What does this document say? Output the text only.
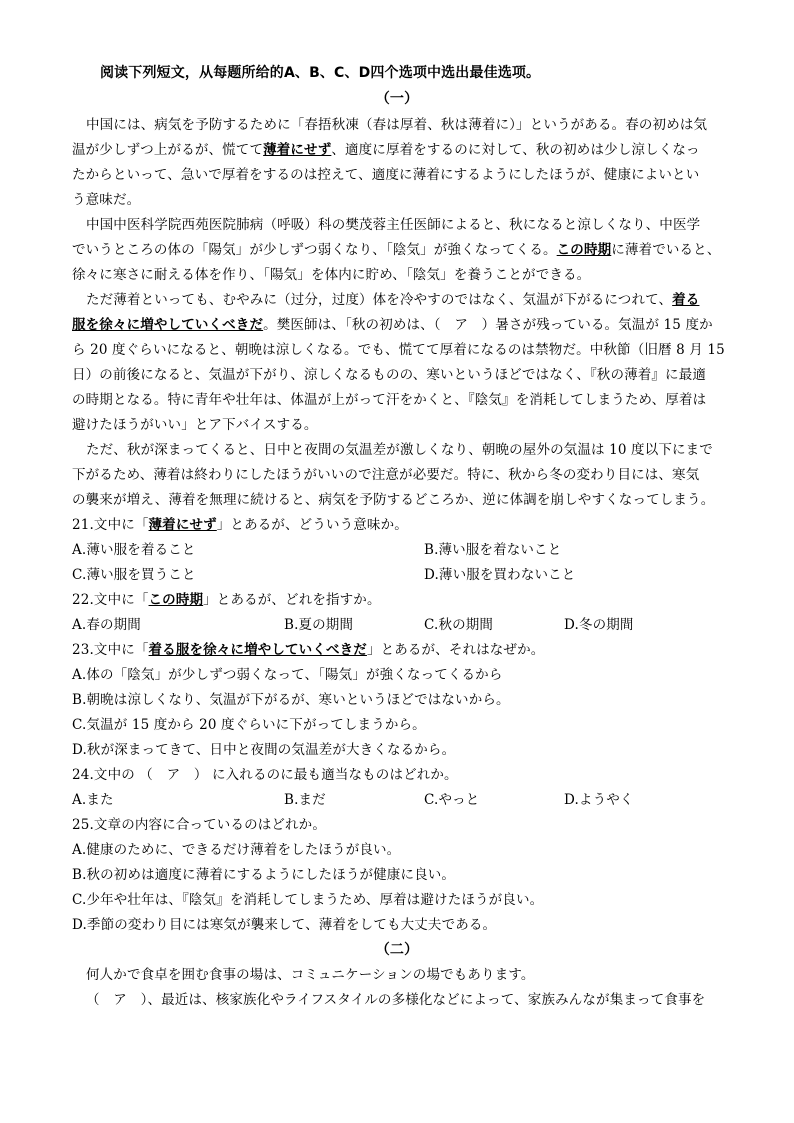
阅读下列短文，从每题所给的A、B、C、D四个选项中选出最佳选项。
（一）
中国には、病気を予防するために「春捂秋凍（春は厚着、秋は薄着に）」というがある。春の初めは気
温が少しずつ上がるが、慌てて薄着にせず、適度に厚着をするのに対して、秋の初めは少し涼しくなっ
たからといって、急いで厚着をするのは控えて、適度に薄着にするようにしたほうが、健康によいとい
う意味だ。
中国中医科学院西苑医院肺病（呼吸）科の樊茂蓉主任医師によると、秋になると涼しくなり、中医学
でいうところの体の「陽気」が少しずつ弱くなり、「陰気」が強くなってくる。この時期に薄着でいると、
徐々に寒さに耐える体を作り、「陽気」を体内に貯め、「陰気」を養うことができる。
ただ薄着といっても、むやみに（过分，过度）体を冷やすのではなく、気温が下がるにつれて、着る
服を徐々に増やしていくべきだ。樊医師は、「秋の初めは、（　ア　）暑さが残っている。気温が 15 度か
ら 20 度ぐらいになると、朝晩は涼しくなる。でも、慌てて厚着になるのは禁物だ。中秋節（旧暦 8 月 15
日）の前後になると、気温が下がり、涼しくなるものの、寒いというほどではなく、『秋の薄着』に最適
の時期となる。特に青年や壮年は、体温が上がって汗をかくと、『陰気』を消耗してしまうため、厚着は
避けたほうがいい」とア下バイスする。
ただ、秋が深まってくると、日中と夜間の気温差が激しくなり、朝晩の屋外の気温は 10 度以下にまで
下がるため、薄着は終わりにしたほうがいいので注意が必要だ。特に、秋から冬の変わり目には、寒気
の襲来が増え、薄着を無理に続けると、病気を予防するどころか、逆に体調を崩しやすくなってしまう。
21.文中に「薄着にせず」とあるが、どういう意味か。
A.薄い服を着ること	B.薄い服を着ないこと
C.薄い服を買うこと	D.薄い服を買わないこと
22.文中に「この時期」とあるが、どれを指すか。
A.春の期間	B.夏の期間	C.秋の期間	D.冬の期間
23.文中に「着る服を徐々に増やしていくべきだ」とあるが、それはなぜか。
A.体の「陰気」が少しずつ弱くなって、「陽気」が強くなってくるから
B.朝晩は涼しくなり、気温が下がるが、寒いというほどではないから。
C.気温が 15 度から 20 度ぐらいに下がってしまうから。
D.秋が深まってきて、日中と夜間の気温差が大きくなるから。
24.文中の （　ア　） に入れるのに最も適当なものはどれか。
A.また	B.まだ	C.やっと	D.ようやく
25.文章の内容に合っているのはどれか。
A.健康のために、できるだけ薄着をしたほうが良い。
B.秋の初めは適度に薄着にするようにしたほうが健康に良い。
C.少年や壮年は、『陰気』を消耗してしまうため、厚着は避けたほうが良い。
D.季節の変わり目には寒気が襲来して、薄着をしても大丈夫である。
（二）
何人かで食卓を囲む食事の場は、コミュニケーションの場でもあります。
（　ア　）、最近は、核家族化やライフスタイルの多様化などによって、家族みんなが集まって食事を
